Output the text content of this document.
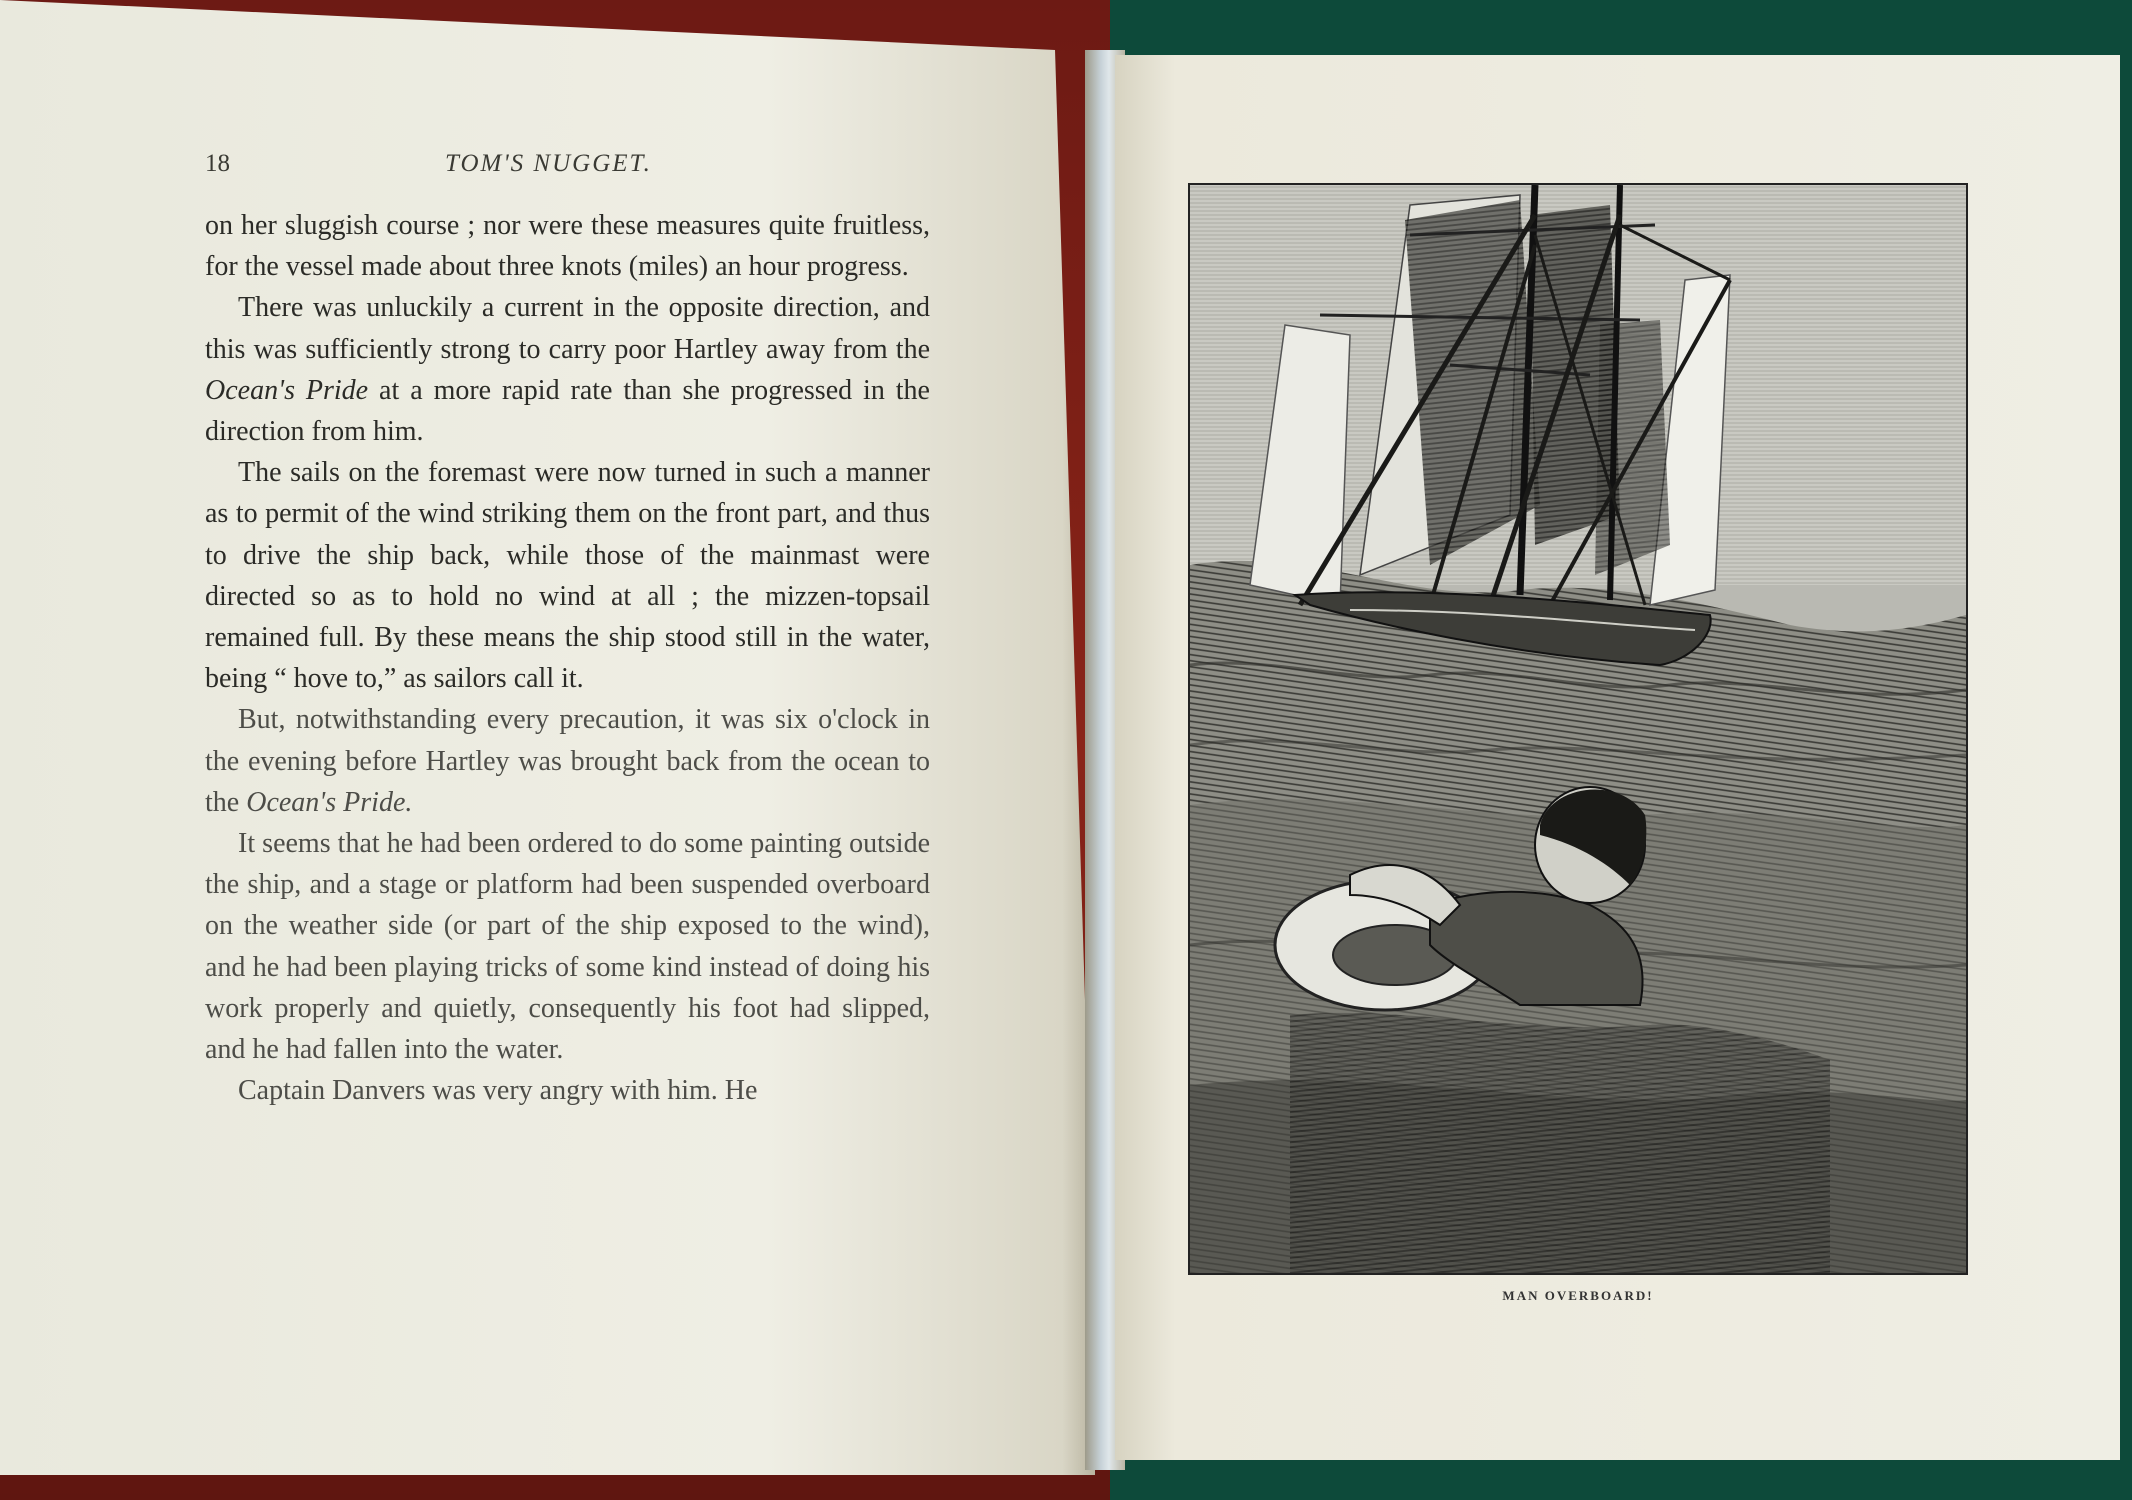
18	TOM'S NUGGET.

on her sluggish course ; nor were these measures quite fruitless, for the vessel made about three knots (miles) an hour progress.

There was unluckily a current in the opposite direction, and this was sufficiently strong to carry poor Hartley away from the Ocean's Pride at a more rapid rate than she progressed in the direction from him.

The sails on the foremast were now turned in such a manner as to permit of the wind striking them on the front part, and thus to drive the ship back, while those of the mainmast were directed so as to hold no wind at all ; the mizzen-topsail remained full. By these means the ship stood still in the water, being “ hove to,” as sailors call it.

But, notwithstanding every precaution, it was six o'clock in the evening before Hartley was brought back from the ocean to the Ocean's Pride.

It seems that he had been ordered to do some painting outside the ship, and a stage or platform had been suspended overboard on the weather side (or part of the ship exposed to the wind), and he had been playing tricks of some kind instead of doing his work properly and quietly, consequently his foot had slipped, and he had fallen into the water.

Captain Danvers was very angry with him. He

MAN OVERBOARD!
